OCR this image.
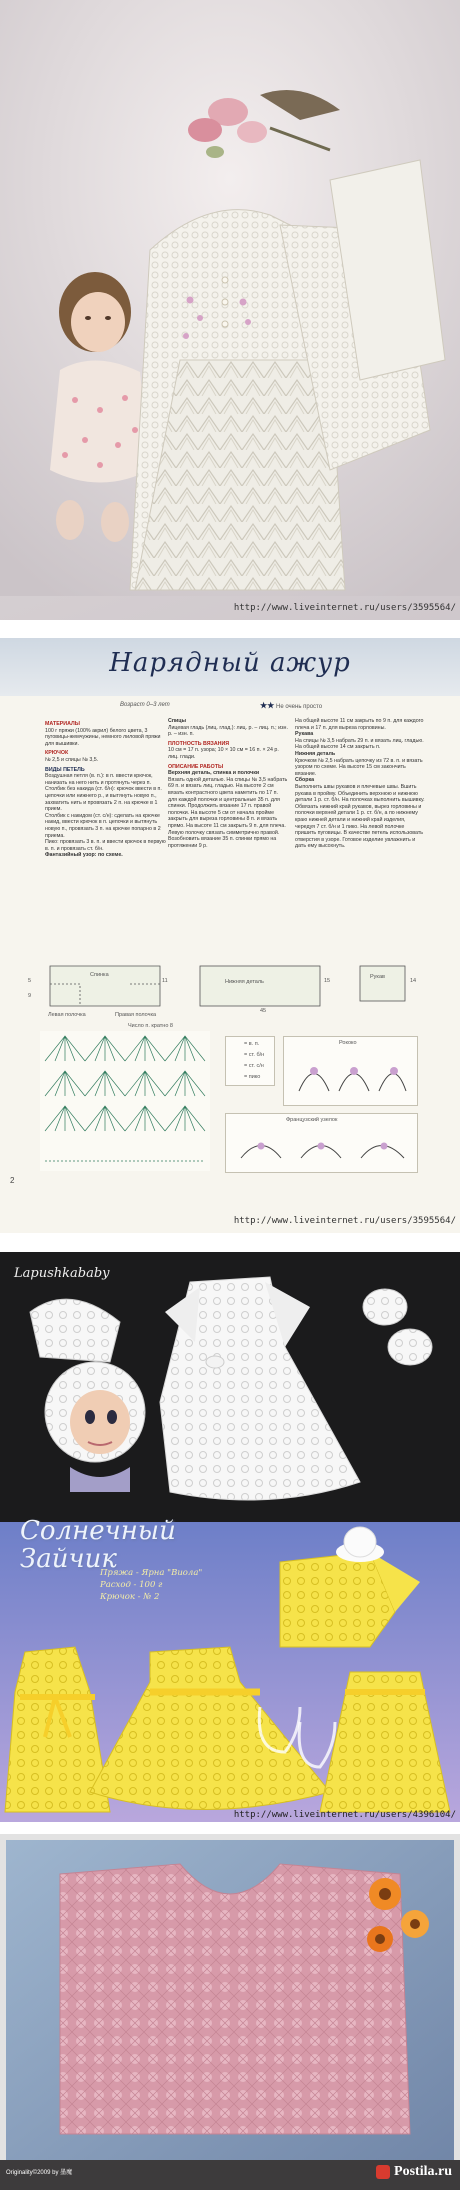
http://www.liveinternet.ru/users/3595564/
Нарядный ажур
Возраст 0–3 лет	★★ Не очень просто
МАТЕРИАЛЫ
100 г пряжи (100% акрил) белого цвета, 3 пуговицы-жемчужины, немного лиловой пряжи для вышивки.
КРЮЧОК
№ 2,5 и спицы № 3,5.
ВИДЫ ПЕТЕЛЬ
Воздушная петля (в. п.): в п. ввести крючок, нанизать на него нить и протянуть через п.
Столбик без накида (ст. б/н): крючок ввести в п. цепочки или нижнего р., и вытянуть новую п., захватить нить и провязать 2 п. на крючке в 1 прием.
Столбик с накидом (ст. с/н): сделать на крючке накид, ввести крючок в п. цепочки и вытянуть новую п., провязать 3 п. на крючке попарно в 2 приема.
Пико: провязать 3 в. п. и ввести крючок в первую в. п. и провязать ст. б/н.
Фантазийный узор: по схеме.
Спицы
Лицевая гладь (лиц. глад.): лиц. р. – лиц. п.; изн. р. – изн. п.
ПЛОТНОСТЬ ВЯЗАНИЯ
10 см = 17 п. узора; 10 × 10 см = 16 п. × 24 р. лиц. глади.
ОПИСАНИЕ РАБОТЫ
Верхняя деталь, спинка и полочки
Вязать одной деталью. На спицы № 3,5 набрать 69 п. и вязать лиц. гладью. На высоте 2 см вязать контрастного цвета наметить по 17 п. для каждой полочки и центральные 35 п. для спинки. Продолжить вязание 17 п. правой полочки. На высоте 5 см от начала пройме закрыть для выреза горловины 8 п. и вязать прямо. На высоте 11 см закрыть 9 п. для плеча. Левую полочку связать симметрично правой. Возобновить вязание 35 п. спинки прямо на протяжении 9 р.
На общей высоте 11 см закрыть по 9 п. для каждого плеча и 17 п. для выреза горловины.
Рукава
На спицы № 3,5 набрать 29 п. и вязать лиц. гладью. На общей высоте 14 см закрыть п.
Нижняя деталь
Крючком № 2,5 набрать цепочку из 72 в. п. и вязать узором по схеме. На высоте 15 см закончить вязание.
Сборка
Выполнить швы рукавов и плечевые швы. Вшить рукава в пройму. Объединить верхнюю и нижнюю детали 1 р. ст. б/н. На полочках выполнить вышивку. Обвязать нижний край рукавов, вырез горловины и полочки верхней детали 1 р. ст. б/н, а по нижнему краю нижней детали и нижний край изделия, чередуя 7 ст. б/н и 1 пико. На левой полочке пришить пуговицы. В качестве петель использовать отверстия в узоре. Готовое изделие увлажнить и дать ему высохнуть.
Спинка
Левая полочка	Правая полочка
Нижняя деталь
Рукав
11
5
9
14
15
45
Число п. кратно 8
= в. п.
= ст. б/н
= ст. с/н
= пико
Рококо
Французский узелок
2
http://www.liveinternet.ru/users/3595564/
Lapushkababy
Солнечный
Зайчик
Пряжа - Ярна "Виола"
Расход - 100 г
Крючок - № 2
http://www.liveinternet.ru/users/4396104/
Originality©2009 by 墨魔	Postila.ru
